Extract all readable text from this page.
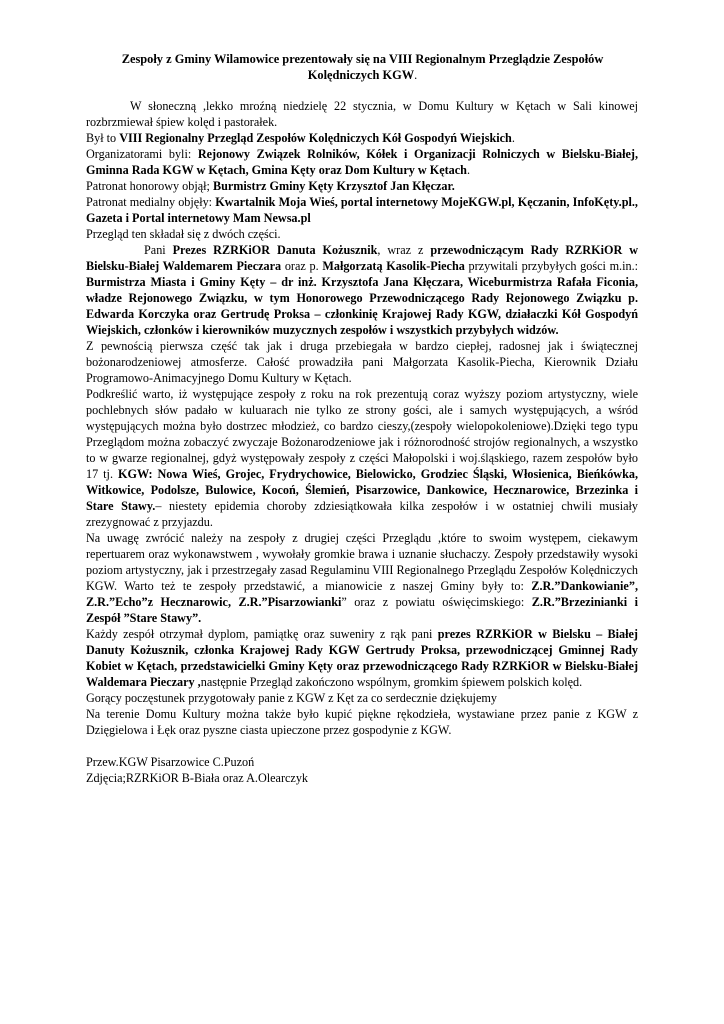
Zespoły z Gminy Wilamowice prezentowały się na VIII Regionalnym Przeglądzie Zespołów Kolędniczych KGW.

W słoneczną ,lekko mroźną niedzielę 22 stycznia, w Domu Kultury w Kętach w Sali kinowej rozbrzmiewał śpiew kolęd i pastorałek.

Był to VIII Regionalny Przegląd Zespołów Kolędniczych Kół Gospodyń Wiejskich.

Organizatorami byli: Rejonowy Związek Rolników, Kółek i Organizacji Rolniczych w Bielsku-Białej, Gminna Rada KGW w Kętach, Gmina Kęty oraz Dom Kultury w Kętach.

Patronat honorowy objął; Burmistrz Gminy Kęty Krzysztof Jan Kłęczar.

Patronat medialny objęły: Kwartalnik Moja Wieś, portal internetowy MojeKGW.pl, Kęczanin, InfoKęty.pl., Gazeta i Portal internetowy Mam Newsa.pl

Przegląd ten składał się z dwóch części.

Pani Prezes RZRKiOR Danuta Kożusznik, wraz z przewodniczącym Rady RZRKiOR w Bielsku-Białej Waldemarem Pieczara oraz p. Małgorzatą Kasolik-Piecha przywitali przybyłych gości m.in.: Burmistrza Miasta i Gminy Kęty – dr inż. Krzysztofa Jana Kłęczara, Wiceburmistrza Rafała Ficonia, władze Rejonowego Związku, w tym Honorowego Przewodniczącego Rady Rejonowego Związku p. Edwarda Korczyka oraz Gertrudę Proksa – członkinię Krajowej Rady KGW, działaczki Kół Gospodyń Wiejskich, członków i kierowników muzycznych zespołów i wszystkich przybyłych widzów.

Z pewnością pierwsza część tak jak i druga przebiegała w bardzo ciepłej, radosnej jak i świątecznej bożonarodzeniowej atmosferze. Całość prowadziła pani Małgorzata Kasolik-Piecha, Kierownik Działu Programowo-Animacyjnego Domu Kultury w Kętach.

Podkreślić warto, iż występujące zespoły z roku na rok prezentują coraz wyższy poziom artystyczny, wiele pochlebnych słów padało w kuluarach nie tylko ze strony gości, ale i samych występujących, a wśród występujących można było dostrzec młodzież, co bardzo cieszy,(zespoły wielopokoleniowe).Dzięki tego typu Przeglądom można zobaczyć zwyczaje Bożonarodzeniowe jak i różnorodność strojów regionalnych, a wszystko to w gwarze regionalnej, gdyż występowały zespoły z części Małopolski i woj.śląskiego, razem zespołów było 17 tj. KGW: Nowa Wieś, Grojec, Frydrychowice, Bielowicko, Grodziec Śląski, Włosienica, Bieńkówka, Witkowice, Podolsze, Bulowice, Kocoń, Ślemień, Pisarzowice, Dankowice, Hecznarowice, Brzezinka i Stare Stawy.– niestety epidemia choroby zdziesiątkowała kilka zespołów i w ostatniej chwili musiały zrezygnować z przyjazdu.

Na uwagę zwrócić należy na zespoły z drugiej części Przeglądu ,które to swoim występem, ciekawym repertuarem oraz wykonawstwem , wywołały gromkie brawa i uznanie słuchaczy. Zespoły przedstawiły wysoki poziom artystyczny, jak i przestrzegały zasad Regulaminu VIII Regionalnego Przeglądu Zespołów Kolędniczych KGW. Warto też te zespoły przedstawić, a mianowicie z naszej Gminy były to: Z.R.”Dankowianie”, Z.R.”Echo”z Hecznarowic, Z.R.”Pisarzowianki” oraz z powiatu oświęcimskiego: Z.R.”Brzezinianki i Zespół ”Stare Stawy”.

Każdy zespół otrzymał dyplom, pamiątkę oraz suweniry z rąk pani prezes RZRKiOR w Bielsku – Białej Danuty Kożusznik, członka Krajowej Rady KGW Gertrudy Proksa, przewodniczącej Gminnej Rady Kobiet w Kętach, przedstawicielki Gminy Kęty oraz przewodniczącego Rady RZRKiOR w Bielsku-Białej Waldemara Pieczary ,następnie Przegląd zakończono wspólnym, gromkim śpiewem polskich kolęd.

Gorący poczęstunek przygotowały panie z KGW z Kęt za co serdecznie dziękujemy

Na terenie Domu Kultury można także było kupić piękne rękodzieła, wystawiane przez panie z KGW z Dzięgielowa i Łęk oraz pyszne ciasta upieczone przez gospodynie z KGW.

Przew.KGW Pisarzowice C.Puzoń

Zdjęcia;RZRKiOR B-Biała oraz A.Olearczyk
